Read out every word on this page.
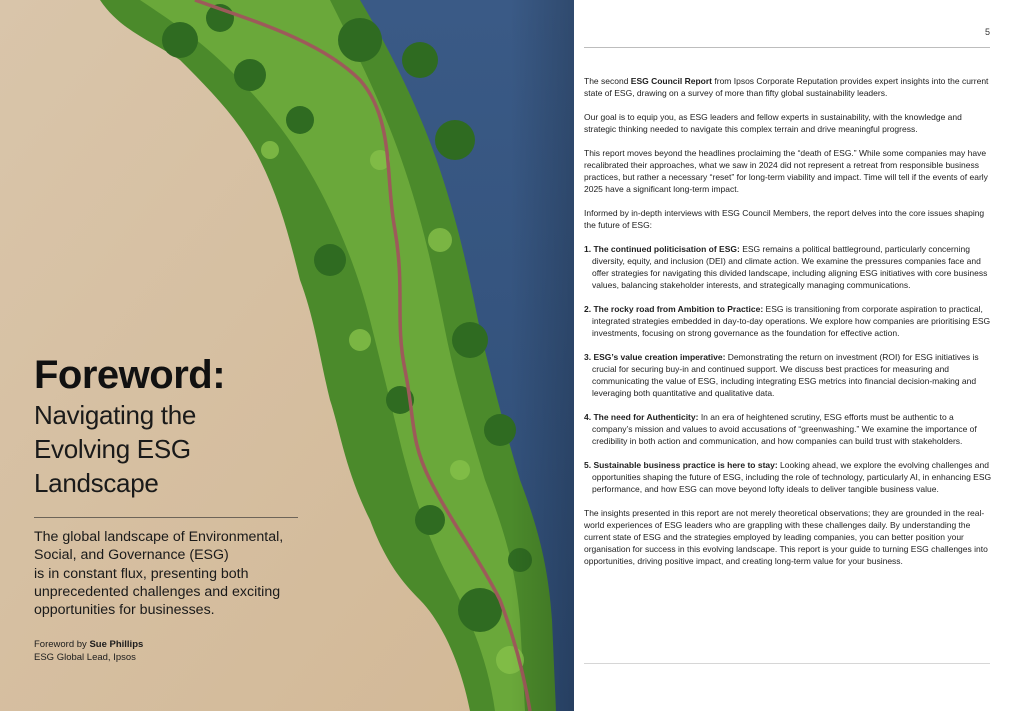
Foreword:
Navigating the
Evolving ESG
Landscape
The global landscape of Environmental,
Social, and Governance (ESG)
is in constant flux, presenting both
unprecedented challenges and exciting
opportunities for businesses.
Foreword by Sue Phillips
ESG Global Lead, Ipsos
5

The second ESG Council Report from Ipsos Corporate Reputation provides expert insights into the current state of ESG, drawing on a survey of more than fifty global sustainability leaders.

Our goal is to equip you, as ESG leaders and fellow experts in sustainability, with the knowledge and strategic thinking needed to navigate this complex terrain and drive meaningful progress.

This report moves beyond the headlines proclaiming the “death of ESG.” While some companies may have recalibrated their approaches, what we saw in 2024 did not represent a retreat from responsible business practices, but rather a necessary “reset” for long-term viability and impact. Time will tell if the events of early 2025 have a significant long-term impact.

Informed by in-depth interviews with ESG Council Members, the report delves into the core issues shaping the future of ESG:

1. The continued politicisation of ESG: ESG remains a political battleground, particularly concerning diversity, equity, and inclusion (DEI) and climate action. We examine the pressures companies face and offer strategies for navigating this divided landscape, including aligning ESG initiatives with core business values, balancing stakeholder interests, and strategically managing communications.
2. The rocky road from Ambition to Practice: ESG is transitioning from corporate aspiration to practical, integrated strategies embedded in day-to-day operations. We explore how companies are prioritising ESG investments, focusing on strong governance as the foundation for effective action.
3. ESG’s value creation imperative: Demonstrating the return on investment (ROI) for ESG initiatives is crucial for securing buy-in and continued support. We discuss best practices for measuring and communicating the value of ESG, including integrating ESG metrics into financial decision-making and leveraging both quantitative and qualitative data.
4. The need for Authenticity: In an era of heightened scrutiny, ESG efforts must be authentic to a company’s mission and values to avoid accusations of “greenwashing.” We examine the importance of credibility in both action and communication, and how companies can build trust with stakeholders.
5. Sustainable business practice is here to stay: Looking ahead, we explore the evolving challenges and opportunities shaping the future of ESG, including the role of technology, particularly AI, in enhancing ESG performance, and how ESG can move beyond lofty ideals to deliver tangible business value.

The insights presented in this report are not merely theoretical observations; they are grounded in the real-world experiences of ESG leaders who are grappling with these challenges daily. By understanding the current state of ESG and the strategies employed by leading companies, you can better position your organisation for success in this evolving landscape. This report is your guide to turning ESG challenges into opportunities, driving positive impact, and creating long-term value for your business.
